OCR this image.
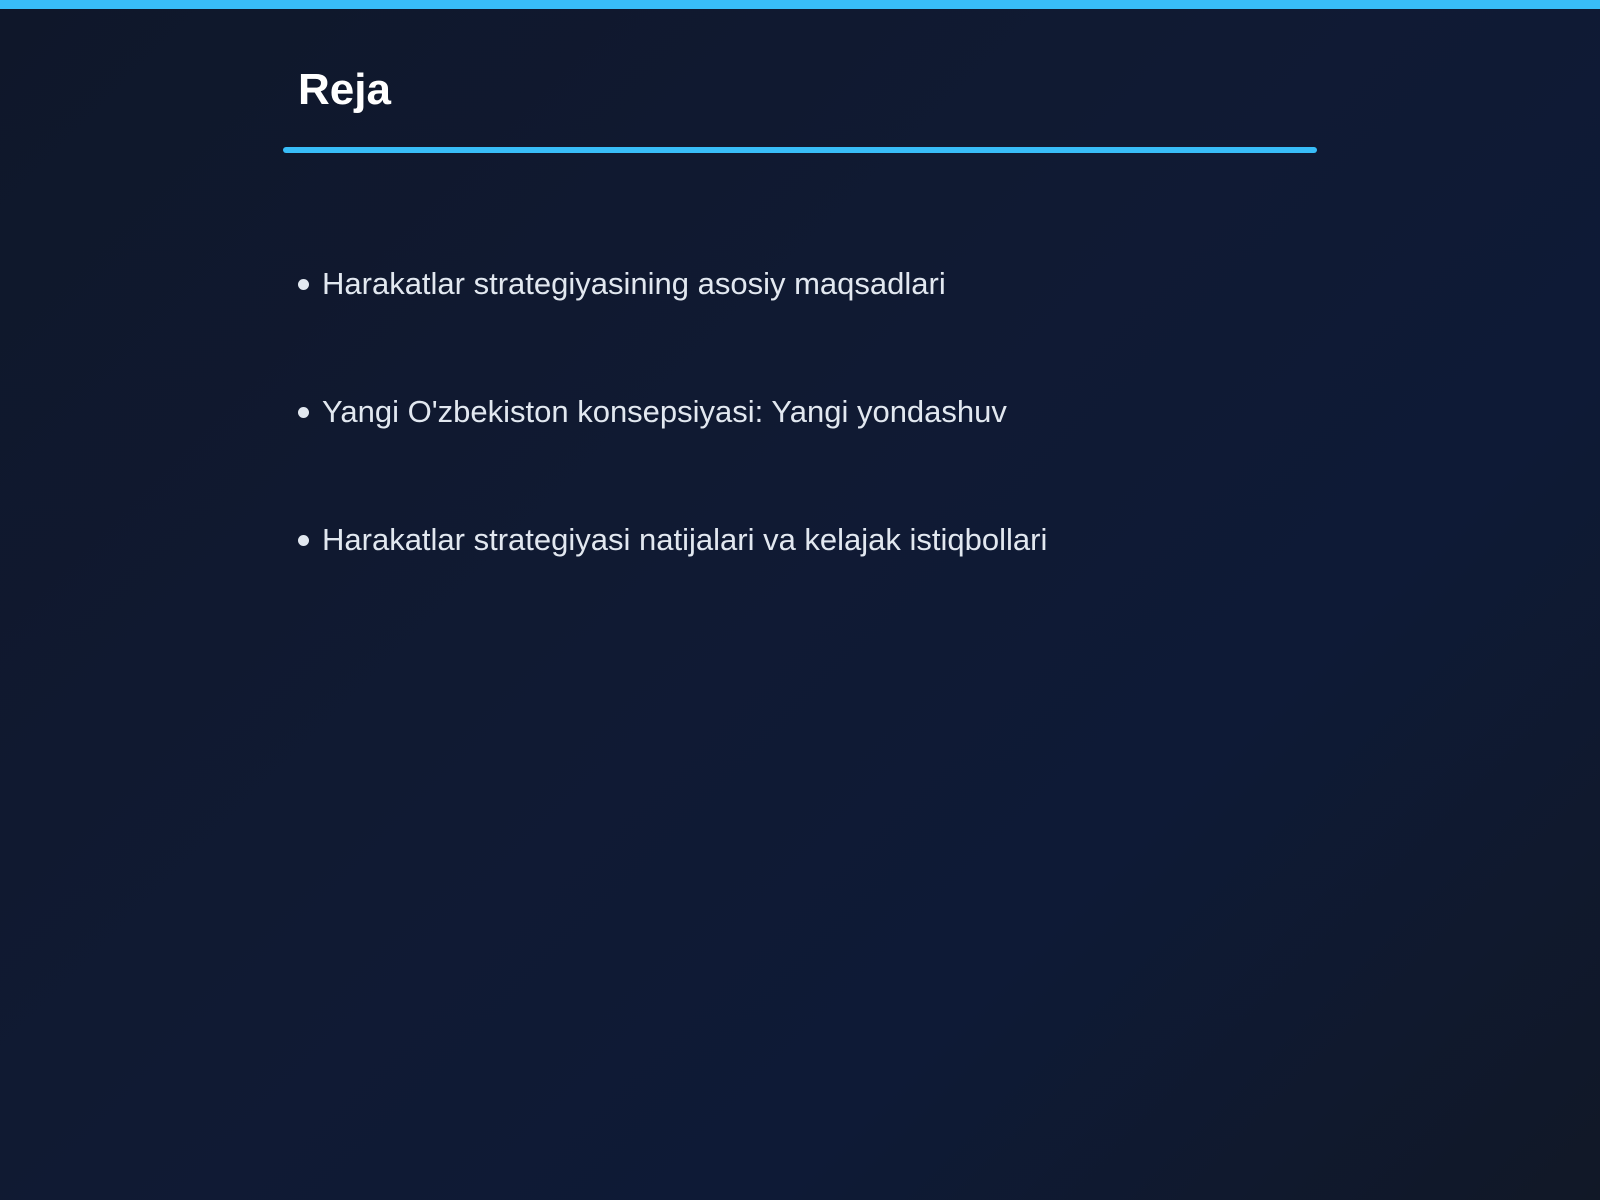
Reja
Harakatlar strategiyasining asosiy maqsadlari
Yangi O'zbekiston konsepsiyasi: Yangi yondashuv
Harakatlar strategiyasi natijalari va kelajak istiqbollari
